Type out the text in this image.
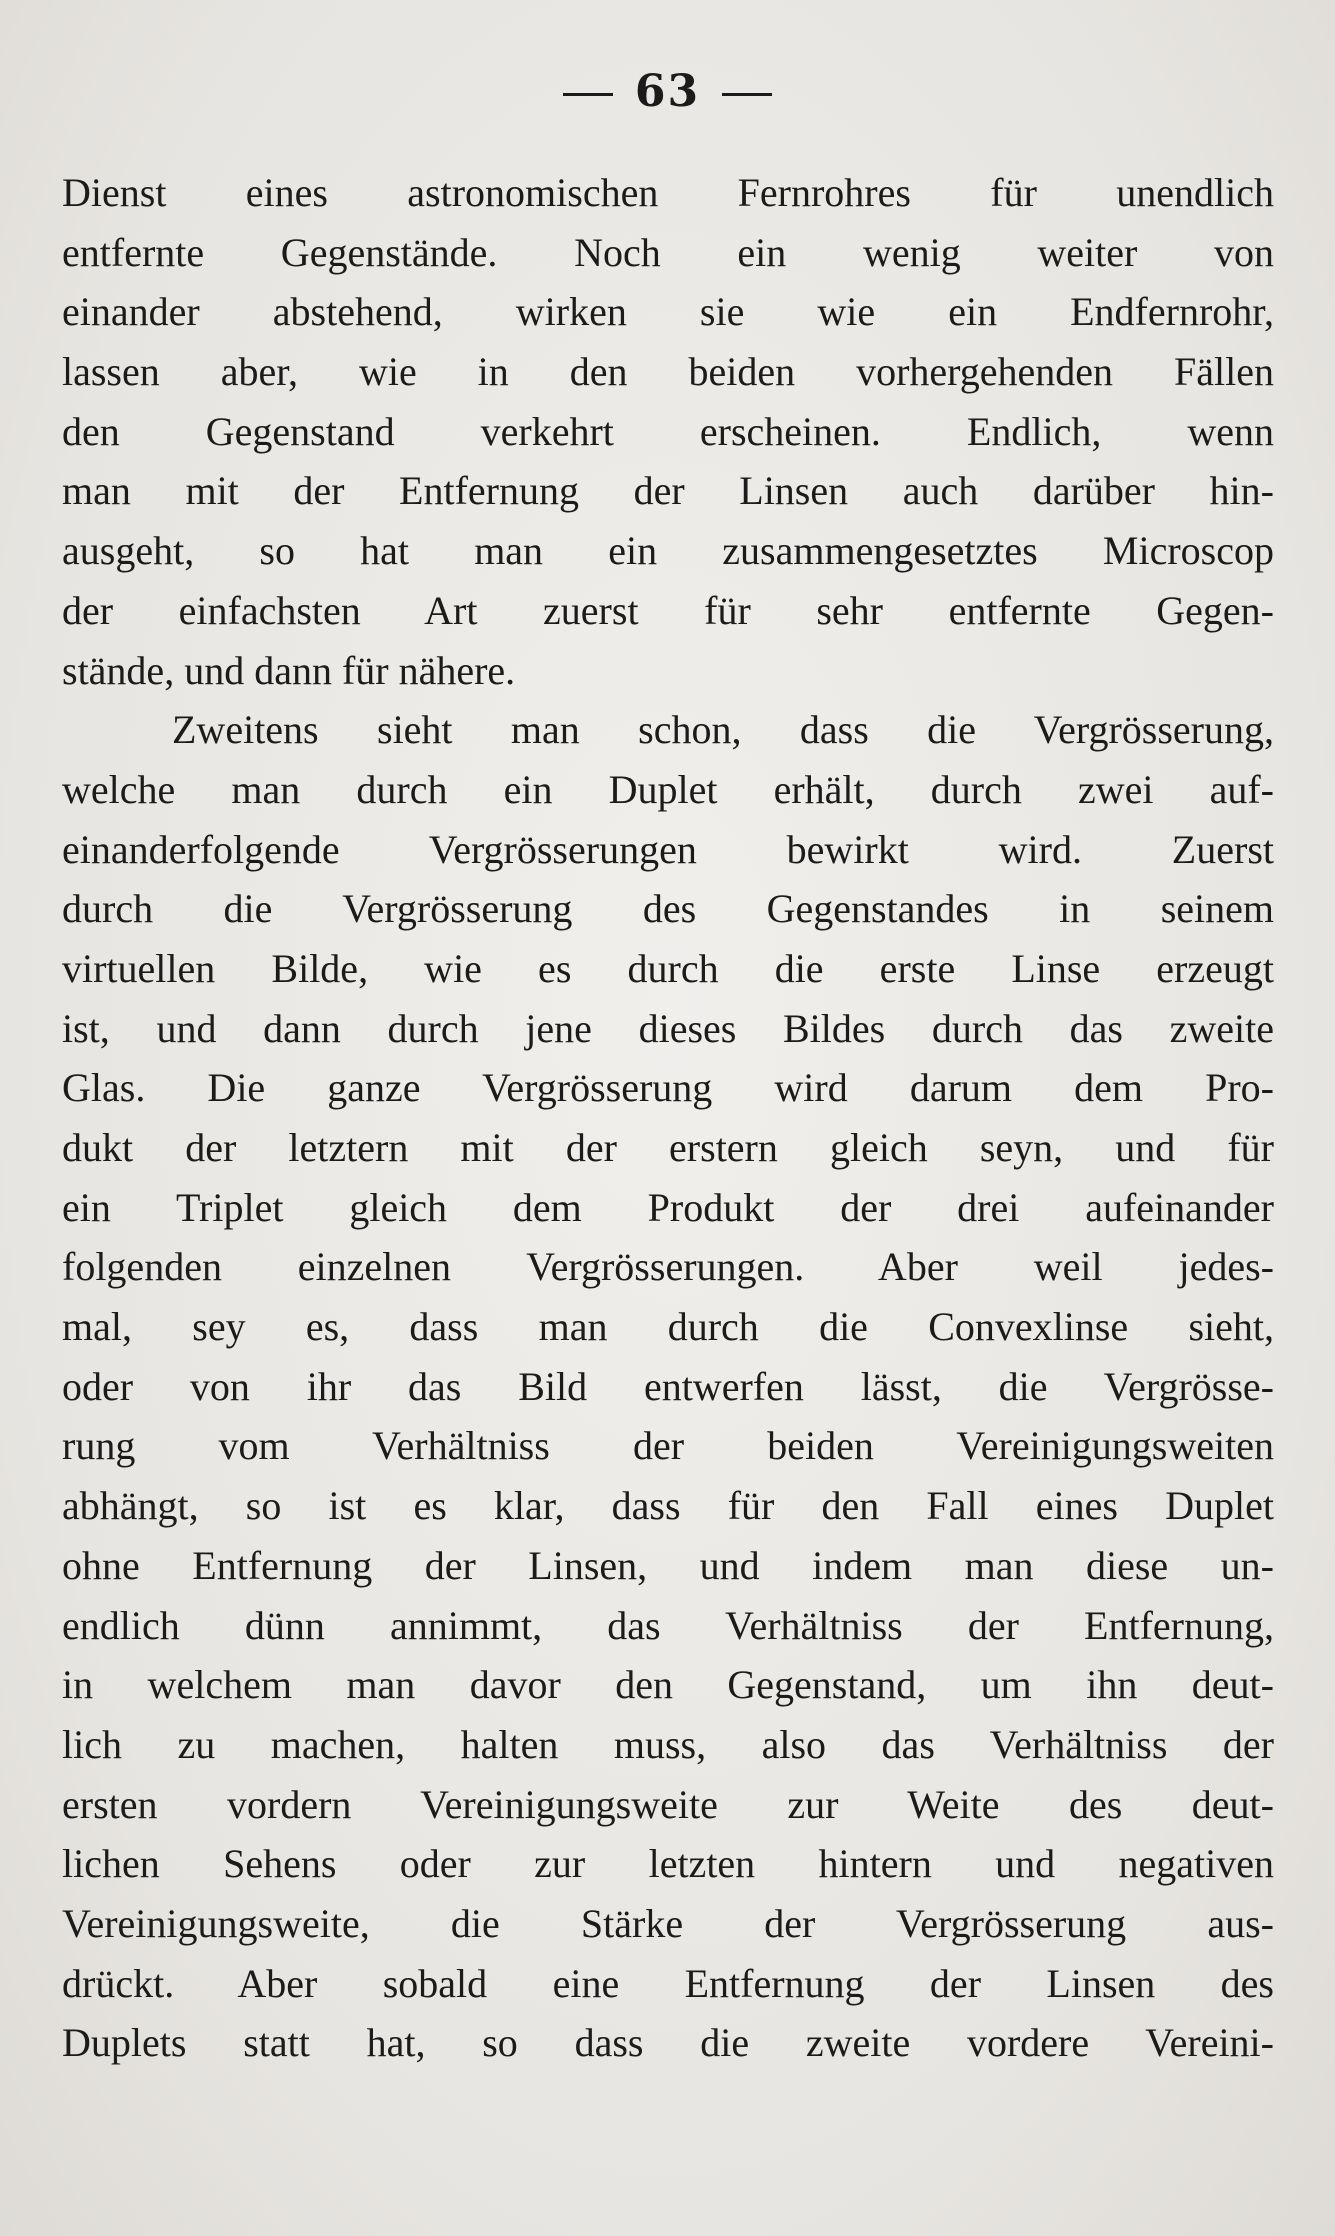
63
Dienst eines astronomischen Fernrohres für unendlich
entfernte Gegenstände. Noch ein wenig weiter von
einander abstehend, wirken sie wie ein Endfernrohr,
lassen aber, wie in den beiden vorhergehenden Fällen
den Gegenstand verkehrt erscheinen. Endlich, wenn
man mit der Entfernung der Linsen auch darüber hin-
ausgeht, so hat man ein zusammengesetztes Microscop
der einfachsten Art zuerst für sehr entfernte Gegen-
stände, und dann für nähere.
Zweitens sieht man schon, dass die Vergrösserung,
welche man durch ein Duplet erhält, durch zwei auf-
einanderfolgende Vergrösserungen bewirkt wird. Zuerst
durch die Vergrösserung des Gegenstandes in seinem
virtuellen Bilde, wie es durch die erste Linse erzeugt
ist, und dann durch jene dieses Bildes durch das zweite
Glas. Die ganze Vergrösserung wird darum dem Pro-
dukt der letztern mit der erstern gleich seyn, und für
ein Triplet gleich dem Produkt der drei aufeinander
folgenden einzelnen Vergrösserungen. Aber weil jedes-
mal, sey es, dass man durch die Convexlinse sieht,
oder von ihr das Bild entwerfen lässt, die Vergrösse-
rung vom Verhältniss der beiden Vereinigungsweiten
abhängt, so ist es klar, dass für den Fall eines Duplet
ohne Entfernung der Linsen, und indem man diese un-
endlich dünn annimmt, das Verhältniss der Entfernung,
in welchem man davor den Gegenstand, um ihn deut-
lich zu machen, halten muss, also das Verhältniss der
ersten vordern Vereinigungsweite zur Weite des deut-
lichen Sehens oder zur letzten hintern und negativen
Vereinigungsweite, die Stärke der Vergrösserung aus-
drückt. Aber sobald eine Entfernung der Linsen des
Duplets statt hat, so dass die zweite vordere Vereini-
